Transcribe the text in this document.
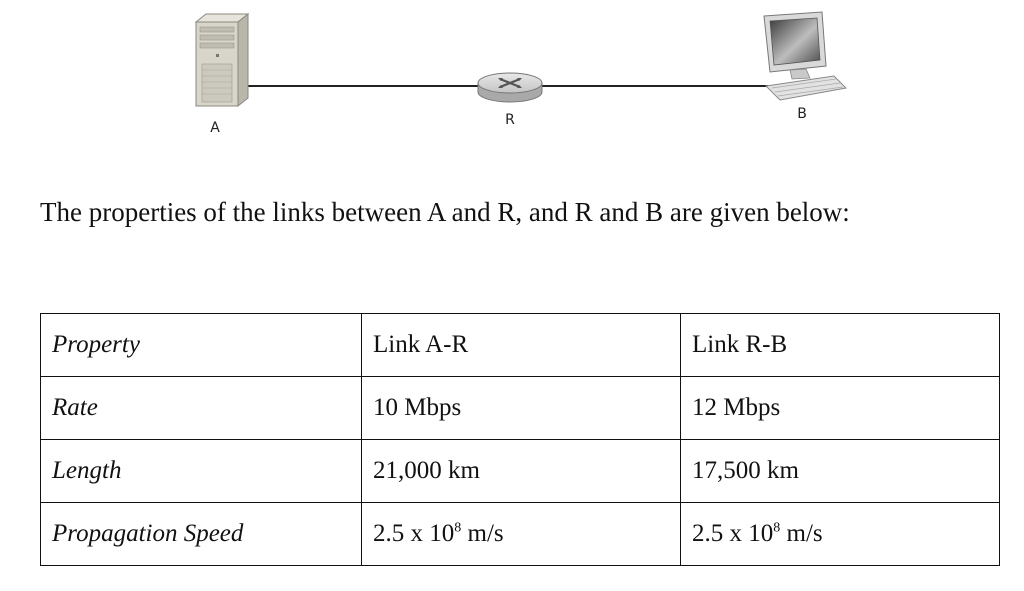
A	R	B

The properties of the links between A and R, and R and B are given below:

Property	Link A-R	Link R-B
Rate	10 Mbps	12 Mbps
Length	21,000 km	17,500 km
Propagation Speed	2.5 x $10^8$ m/s	2.5 x $10^8$ m/s
